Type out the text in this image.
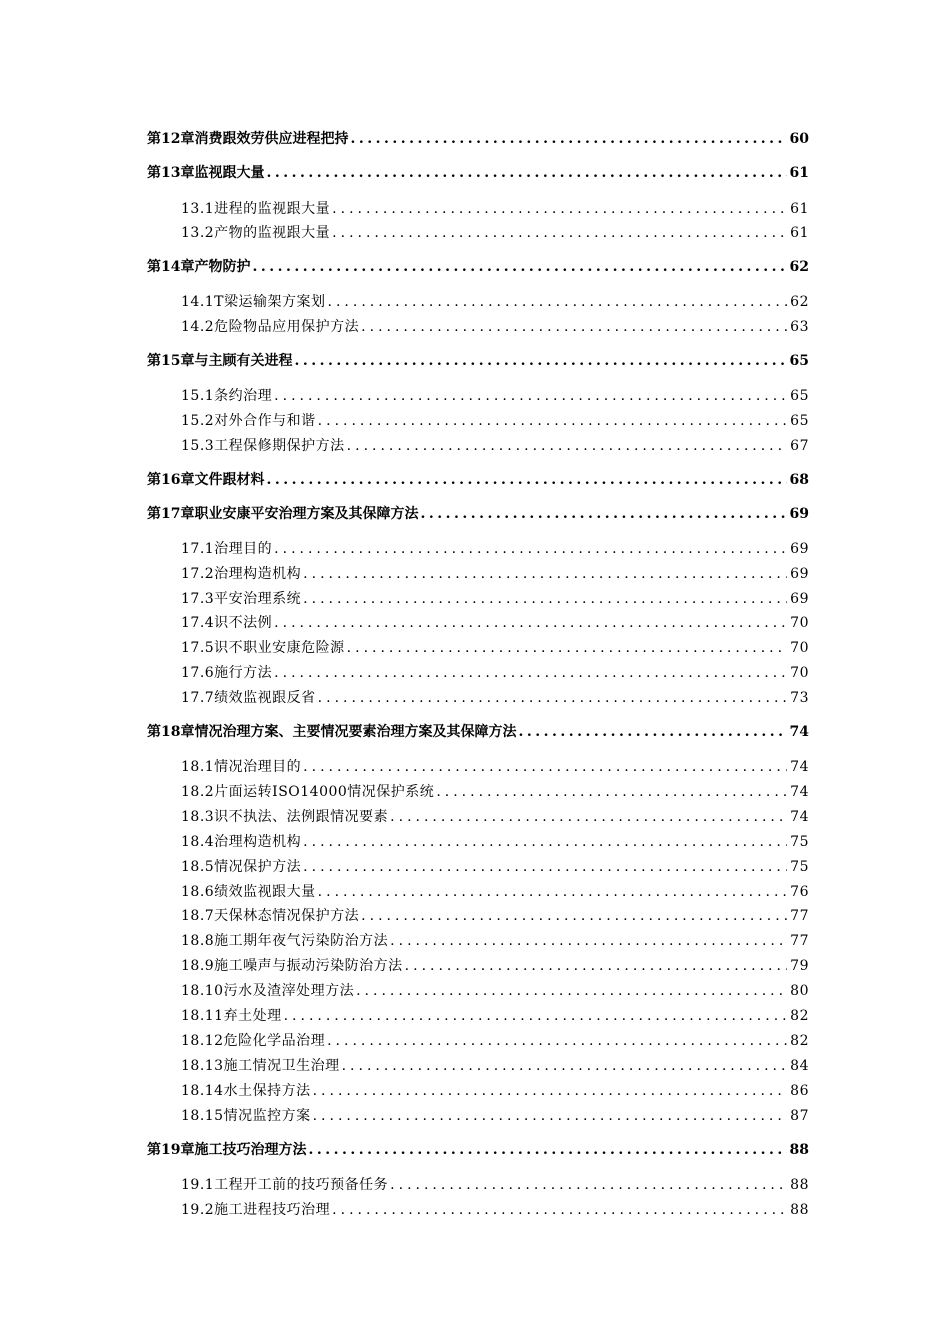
第12章消费跟效劳供应进程把持 .....	60
第13章监视跟大量 .....	61
13.1进程的监视跟大量 .....	61
13.2产物的监视跟大量 .....	61
第14章产物防护 .....	62
14.1T梁运输架方案划 .....	62
14.2危险物品应用保护方法 .....	63
第15章与主顾有关进程 .....	65
15.1条约治理 .....	65
15.2对外合作与和谐 .....	65
15.3工程保修期保护方法 .....	67
第16章文件跟材料 .....	68
第17章职业安康平安治理方案及其保障方法 .....	69
17.1治理目的 .....	69
17.2治理构造机构 .....	69
17.3平安治理系统 .....	69
17.4识不法例 .....	70
17.5识不职业安康危险源 .....	70
17.6施行方法 .....	70
17.7绩效监视跟反省 .....	73
第18章情况治理方案、主要情况要素治理方案及其保障方法 .....	74
18.1情况治理目的 .....	74
18.2片面运转ISO14000情况保护系统 .....	74
18.3识不执法、法例跟情况要素 .....	74
18.4治理构造机构 .....	75
18.5情况保护方法 .....	75
18.6绩效监视跟大量 .....	76
18.7天保林态情况保护方法 .....	77
18.8施工期年夜气污染防治方法 .....	77
18.9施工噪声与振动污染防治方法 .....	79
18.10污水及渣滓处理方法 .....	80
18.11弃土处理 .....	82
18.12危险化学品治理 .....	82
18.13施工情况卫生治理 .....	84
18.14水土保持方法 .....	86
18.15情况监控方案 .....	87
第19章施工技巧治理方法 .....	88
19.1工程开工前的技巧预备任务 .....	88
19.2施工进程技巧治理 .....	88
